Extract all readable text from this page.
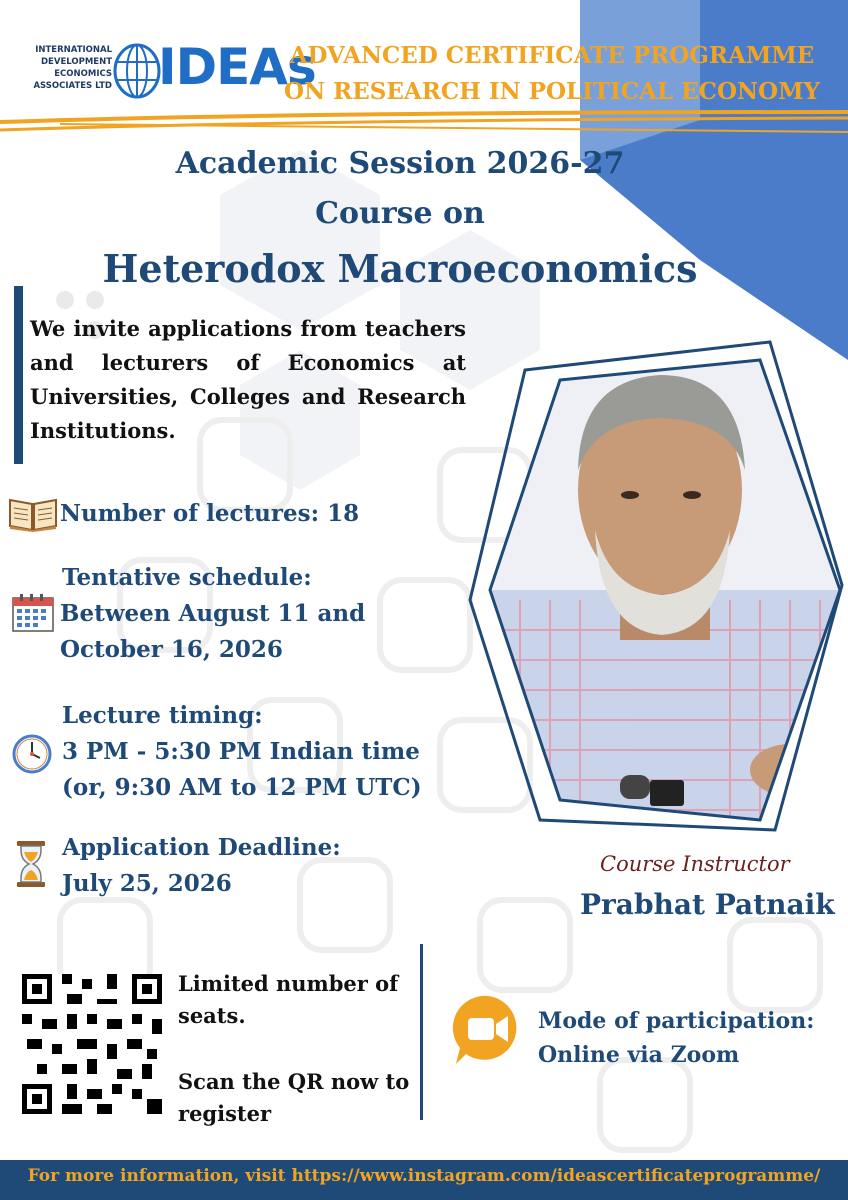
INTERNATIONAL
DEVELOPMENT
ECONOMICS
ASSOCIATES LTD IDEAs
ADVANCED CERTIFICATE PROGRAMME
ON RESEARCH IN POLITICAL ECONOMY
Academic Session 2026-27
Course on
Heterodox Macroeconomics
We invite applications from teachers and lecturers of Economics at Universities, Colleges and Research Institutions.
Number of lectures: 18
Tentative schedule:
Between August 11 and
October 16, 2026
Lecture timing:
3 PM - 5:30 PM Indian time
(or, 9:30 AM to 12 PM UTC)
Application Deadline:
July 25, 2026
Course Instructor
Prabhat Patnaik
Limited number of seats.
Scan the QR now to register
Mode of participation:
Online via Zoom
For more information, visit https://www.instagram.com/ideascertificateprogramme/
